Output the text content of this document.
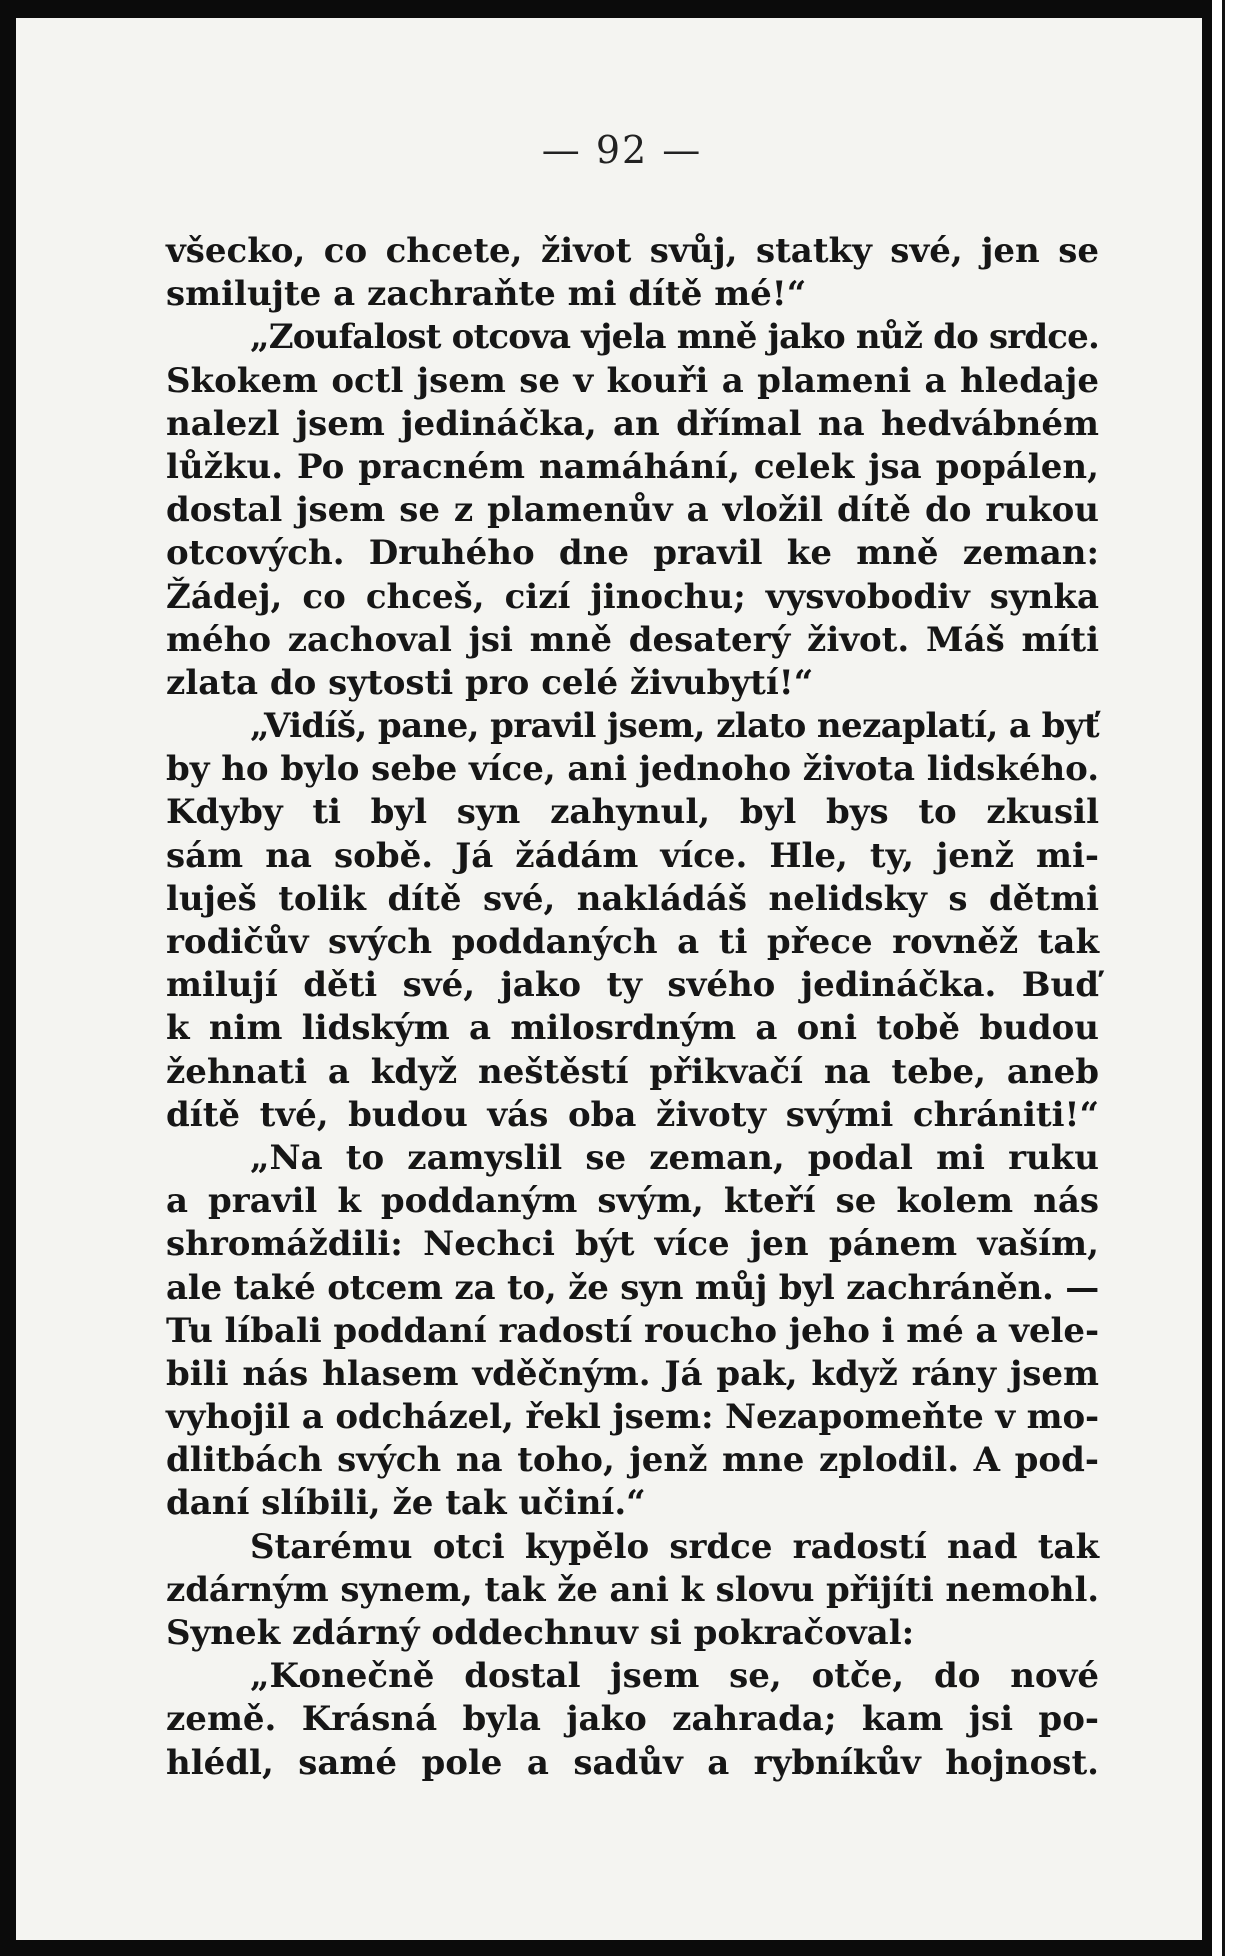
— 92 —
všecko, co chcete, život svůj, statky své, jen se
smilujte a zachraňte mi dítě mé!“
„Zoufalost otcova vjela mně jako nůž do srdce.
Skokem octl jsem se v kouři a plameni a hledaje
nalezl jsem jedináčka, an dřímal na hedvábném
lůžku. Po pracném namáhání, celek jsa popálen,
dostal jsem se z plamenův a vložil dítě do rukou
otcových. Druhého dne pravil ke mně zeman:
Žádej, co chceš, cizí jinochu; vysvobodiv synka
mého zachoval jsi mně desaterý život. Máš míti
zlata do sytosti pro celé živubytí!“
„Vidíš, pane, pravil jsem, zlato nezaplatí, a byť
by ho bylo sebe více, ani jednoho života lidského.
Kdyby ti byl syn zahynul, byl bys to zkusil
sám na sobě. Já žádám více. Hle, ty, jenž mi-
luješ tolik dítě své, nakládáš nelidsky s dětmi
rodičův svých poddaných a ti přece rovněž tak
milují děti své, jako ty svého jedináčka. Buď
k nim lidským a milosrdným a oni tobě budou
žehnati a když neštěstí přikvačí na tebe, aneb
dítě tvé, budou vás oba životy svými chrániti!“
„Na to zamyslil se zeman, podal mi ruku
a pravil k poddaným svým, kteří se kolem nás
shromáždili: Nechci být více jen pánem vaším,
ale také otcem za to, že syn můj byl zachráněn. —
Tu líbali poddaní radostí roucho jeho i mé a vele-
bili nás hlasem vděčným. Já pak, když rány jsem
vyhojil a odcházel, řekl jsem: Nezapomeňte v mo-
dlitbách svých na toho, jenž mne zplodil. A pod-
daní slíbili, že tak učiní.“
Starému otci kypělo srdce radostí nad tak
zdárným synem, tak že ani k slovu přijíti nemohl.
Synek zdárný oddechnuv si pokračoval:
„Konečně dostal jsem se, otče, do nové
země. Krásná byla jako zahrada; kam jsi po-
hlédl, samé pole a sadův a rybníkův hojnost.
